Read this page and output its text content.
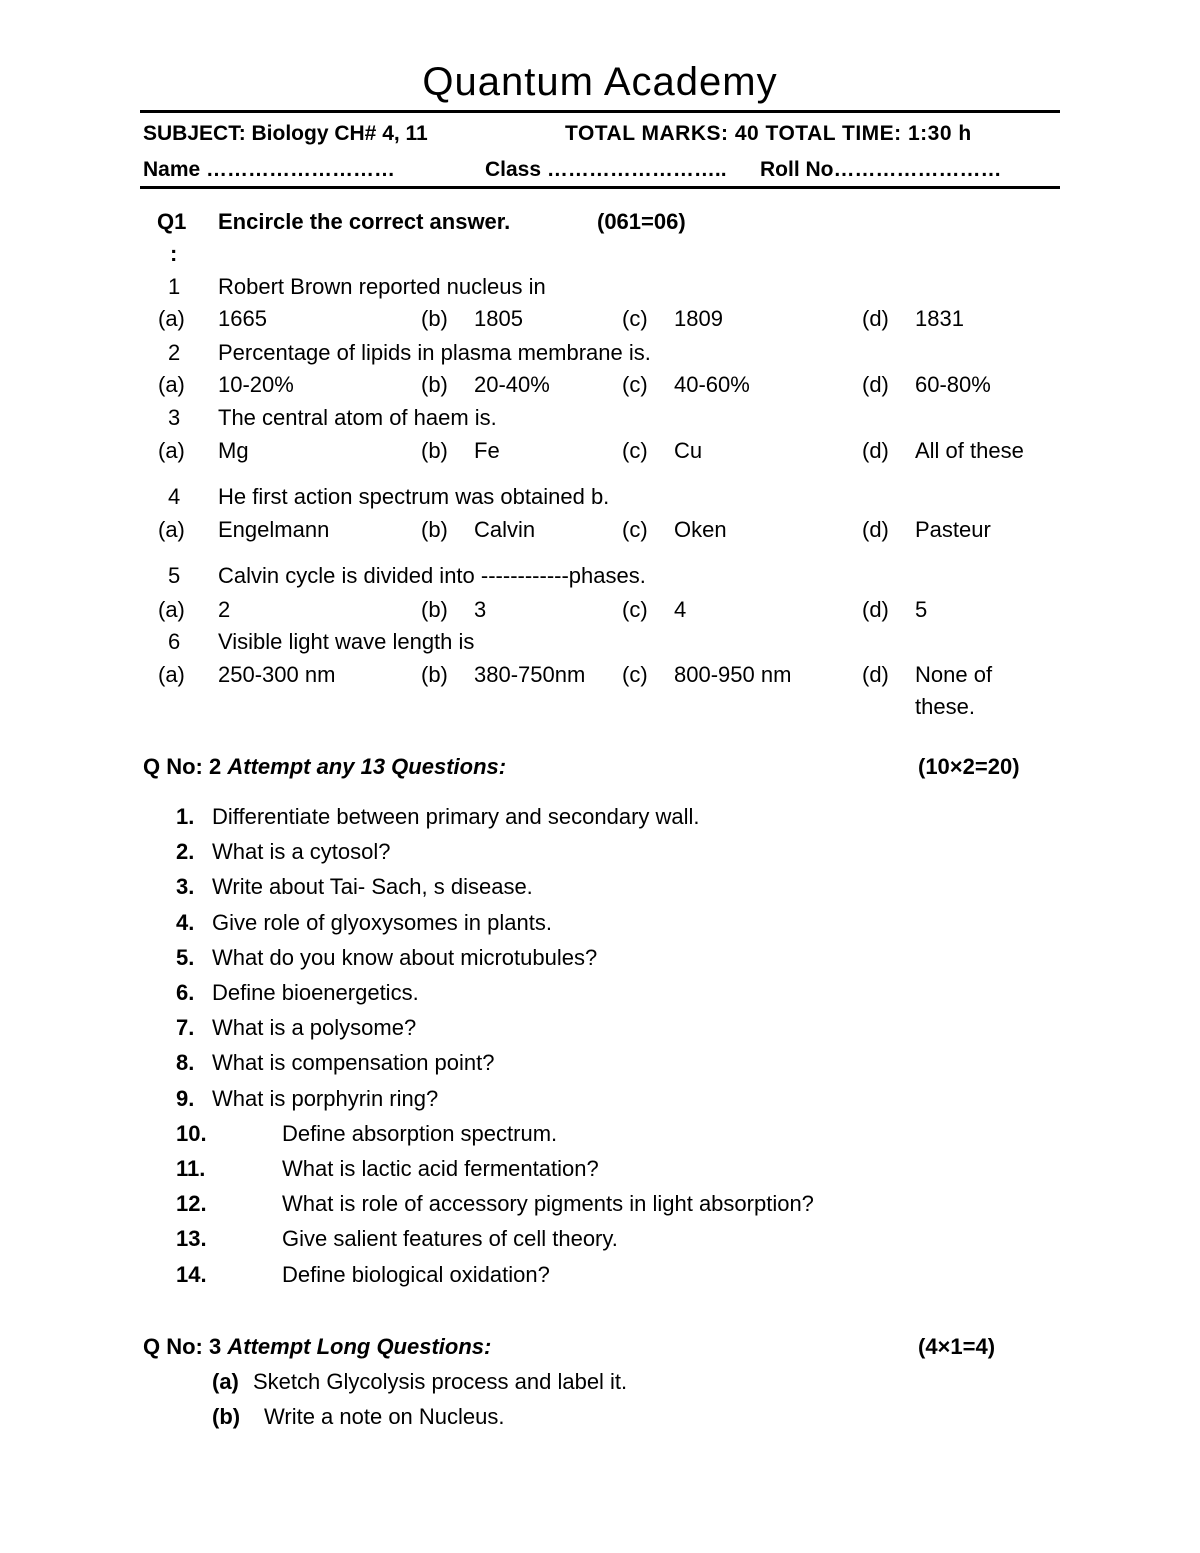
Quantum Academy
SUBJECT: Biology CH# 4, 11	TOTAL MARKS: 40 TOTAL TIME: 1:30 h
Name ………………………	Class …………………….. Roll No……………………
Q1
:
Encircle the correct answer.	(061=06)
1 Robert Brown reported nucleus in
(a) 1665	(b) 1805	(c) 1809	(d) 1831
2 Percentage of lipids in plasma membrane is.
(a) 10-20%	(b) 20-40%	(c) 40-60%	(d) 60-80%
3 The central atom of haem is.
(a) Mg	(b) Fe	(c) Cu	(d) All of these
4 He first action spectrum was obtained b.
(a) Engelmann	(b) Calvin	(c) Oken	(d) Pasteur
5 Calvin cycle is divided into ------------phases.
(a) 2	(b) 3	(c) 4	(d) 5
6 Visible light wave length is
(a) 250-300 nm	(b) 380-750nm (c) 800-950 nm	(d) None of
these.
Q No: 2 Attempt any 13 Questions:	(10×2=20)
1. Differentiate between primary and secondary wall.
2. What is a cytosol?
3. Write about Tai- Sach, s disease.
4. Give role of glyoxysomes in plants.
5. What do you know about microtubules?
6. Define bioenergetics.
7. What is a polysome?
8. What is compensation point?
9. What is porphyrin ring?
10.	Define absorption spectrum.
11.	What is lactic acid fermentation?
12.	What is role of accessory pigments in light absorption?
13.	Give salient features of cell theory.
14.	Define biological oxidation?
Q No: 3 Attempt Long Questions:	(4×1=4)
(a) Sketch Glycolysis process and label it.
(b) Write a note on Nucleus.
